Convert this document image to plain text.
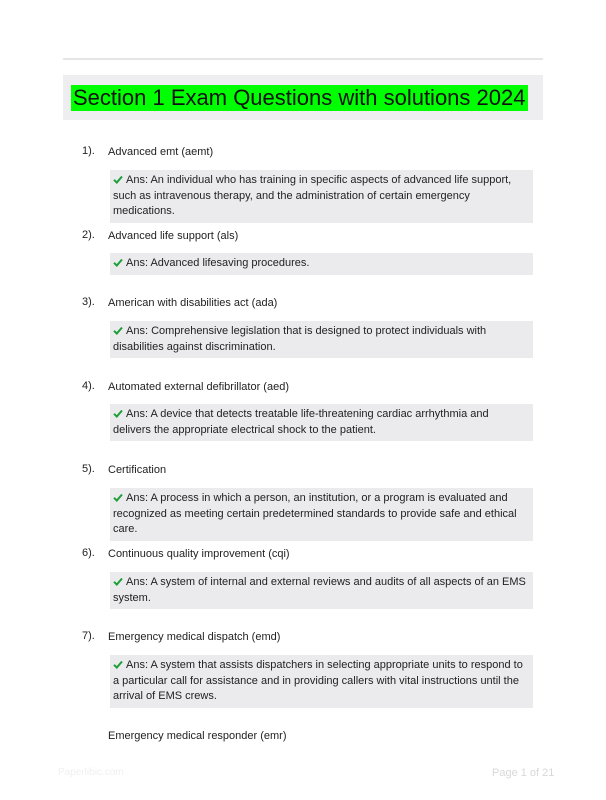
Section 1 Exam Questions with solutions 2024
1). Advanced emt (aemt)
Ans: An individual who has training in specific aspects of advanced life support, such as intravenous therapy, and the administration of certain emergency medications.
2). Advanced life support (als)
Ans: Advanced lifesaving procedures.
3). American with disabilities act (ada)
Ans: Comprehensive legislation that is designed to protect individuals with disabilities against discrimination.
4). Automated external defibrillator (aed)
Ans: A device that detects treatable life-threatening cardiac arrhythmia and delivers the appropriate electrical shock to the patient.
5). Certification
Ans: A process in which a person, an institution, or a program is evaluated and recognized as meeting certain predetermined standards to provide safe and ethical care.
6). Continuous quality improvement (cqi)
Ans: A system of internal and external reviews and audits of all aspects of an EMS system.
7). Emergency medical dispatch (emd)
Ans: A system that assists dispatchers in selecting appropriate units to respond to a particular call for assistance and in providing callers with vital instructions until the arrival of EMS crews.
Emergency medical responder (emr)
Paperlibic.com	Page 1 of 21
